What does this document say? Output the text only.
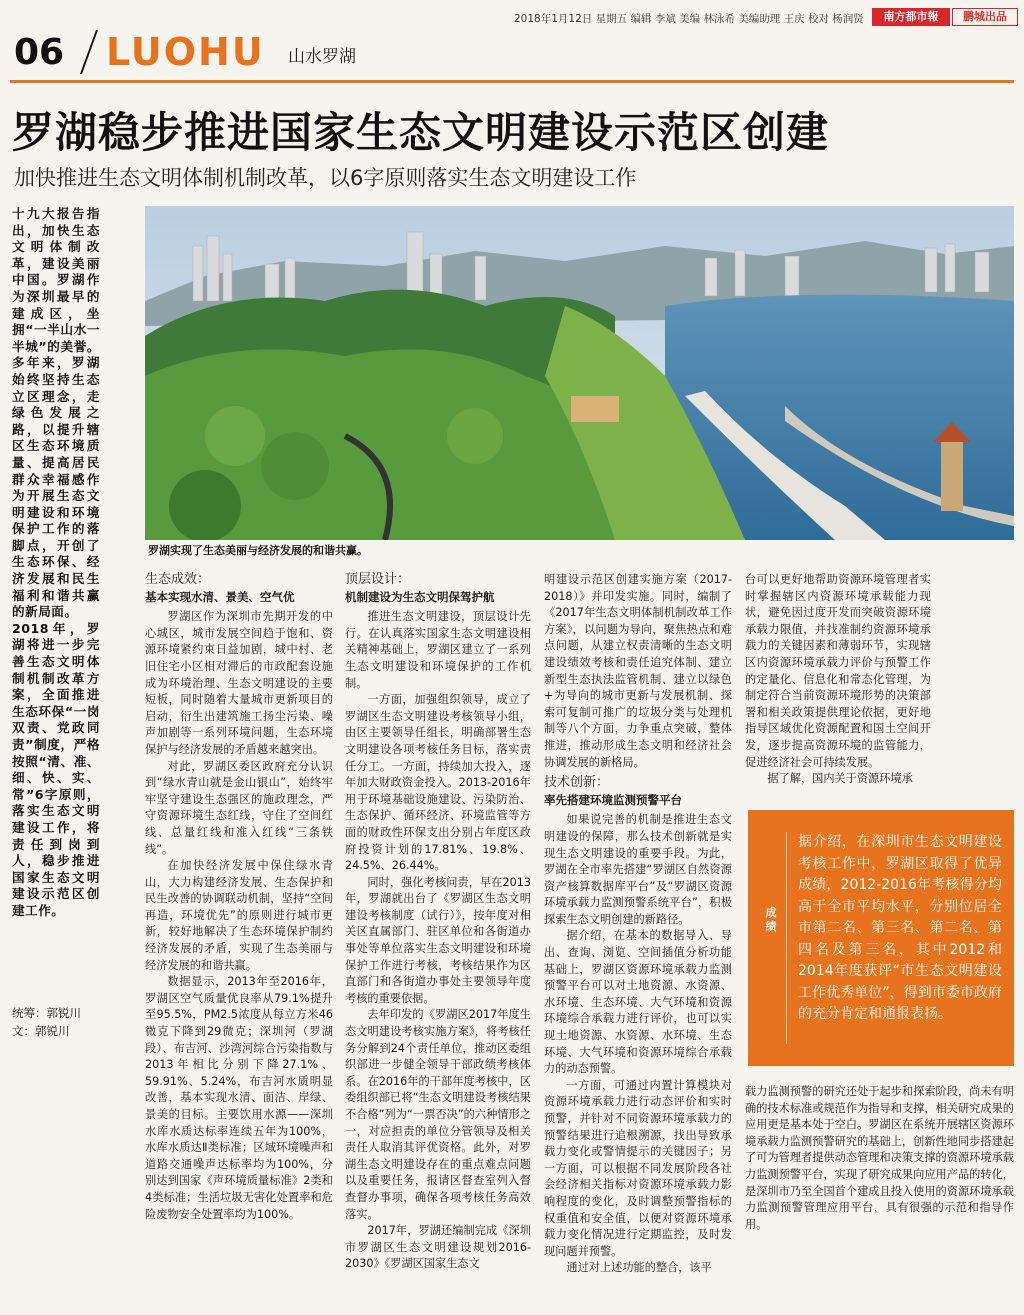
2018年1月12日 星期五 编辑 李斌 美编 林泳希 美编助理 王庆 校对 杨润贤	南方都市報	鹏城出品
06 LUOHU 山水罗湖
罗湖稳步推进国家生态文明建设示范区创建
加快推进生态文明体制机制改革，以6字原则落实生态文明建设工作

十九大报告指出，加快生态文明体制改革，建设美丽中国。罗湖作为深圳最早的建成区，坐拥“一半山水一半城”的美誉。多年来，罗湖始终坚持生态立区理念，走绿色发展之路，以提升辖区生态环境质量、提高居民群众幸福感作为开展生态文明建设和环境保护工作的落脚点，开创了生态环保、经济发展和民生福利和谐共赢的新局面。

2018年，罗湖将进一步完善生态文明体制机制改革方案，全面推进生态环保“一岗双责、党政同责”制度，严格按照“清、准、细、快、实、常”6字原则，落实生态文明建设工作，将责任到岗到人，稳步推进国家生态文明建设示范区创建工作。

统筹：郭锐川
文：郭锐川
罗湖实现了生态美丽与经济发展的和谐共赢。
生态成效：
基本实现水清、景美、空气优

罗湖区作为深圳市先期开发的中心城区，城市发展空间趋于饱和、资源环境紧约束日益加剧，城中村、老旧住宅小区相对滞后的市政配套设施成为环境治理、生态文明建设的主要短板，同时随着大量城市更新项目的启动，衍生出建筑施工扬尘污染、噪声加剧等一系列环境问题，生态环境保护与经济发展的矛盾越来越突出。

对此，罗湖区委区政府充分认识到“绿水青山就是金山银山”，始终牢牢坚守建设生态强区的施政理念，严守资源环境生态红线，守住了空间红线、总量红线和准入红线“三条铁线”。

在加快经济发展中保住绿水青山，大力构建经济发展、生态保护和民生改善的协调联动机制，坚持“空间再造，环境优先”的原则进行城市更新，较好地解决了生态环境保护制约经济发展的矛盾，实现了生态美丽与经济发展的和谐共赢。

数据显示，2013年至2016年，罗湖区空气质量优良率从79.1%提升至95.5%，PM2.5浓度从每立方米46微克下降到29微克；深圳河（罗湖段）、布吉河、沙湾河综合污染指数与2013年相比分别下降27.1%、59.91%、5.24%，布吉河水质明显改善，基本实现水清、面洁、岸绿、景美的目标。主要饮用水源——深圳水库水质达标率连续五年为100%，水库水质达Ⅱ类标准；区域环境噪声和道路交通噪声达标率均为100%，分别达到国家《声环境质量标准》2类和4类标准；生活垃圾无害化处置率和危险废物安全处置率均为100%。

顶层设计：
机制建设为生态文明保驾护航

推进生态文明建设，顶层设计先行。在认真落实国家生态文明建设相关精神基础上，罗湖区建立了一系列生态文明建设和环境保护的工作机制。

一方面，加强组织领导，成立了罗湖区生态文明建设考核领导小组，由区主要领导任组长，明确部署生态文明建设各项考核任务目标，落实责任分工。一方面，持续加大投入，逐年加大财政资金投入。2013-2016年用于环境基础设施建设、污染防治、生态保护、循环经济、环境监管等方面的财政性环保支出分别占年度区政府投资计划的17.81%、19.8%、24.5%、26.44%。

同时，强化考核问责，早在2013年，罗湖就出台了《罗湖区生态文明建设考核制度（试行）》，按年度对相关区直属部门、驻区单位和各街道办事处等单位落实生态文明建设和环境保护工作进行考核，考核结果作为区直部门和各街道办事处主要领导年度考核的重要依据。

去年印发的《罗湖区2017年度生态文明建设考核实施方案》，将考核任务分解到24个责任单位，推动区委组织部进一步健全领导干部政绩考核体系。在2016年的干部年度考核中，区委组织部已将“生态文明建设考核结果不合格”列为“一票否决”的六种情形之一，对应担责的单位分管领导及相关责任人取消其评优资格。此外，对罗湖生态文明建设存在的重点难点问题以及重要任务，报请区督查室列入督查督办事项，确保各项考核任务高效落实。

2017年，罗湖还编制完成《深圳市罗湖区生态文明建设规划2016-2030》《罗湖区国家生态文

明建设示范区创建实施方案（2017-2018）》并印发实施。同时，编制了《2017年生态文明体制机制改革工作方案》，以问题为导向，聚焦热点和难点问题，从建立权责清晰的生态文明建设绩效考核和责任追究体制、建立新型生态执法监管机制、建立以绿色+为导向的城市更新与发展机制、探索可复制可推广的垃圾分类与处理机制等八个方面，力争重点突破，整体推进，推动形成生态文明和经济社会协调发展的新格局。

技术创新：
率先搭建环境监测预警平台

如果说完善的机制是推进生态文明建设的保障，那么技术创新就是实现生态文明建设的重要手段。为此，罗湖在全市率先搭建“罗湖区自然资源资产核算数据库平台”及“罗湖区资源环境承载力监测预警系统平台”，积极探索生态文明创建的新路径。

据介绍，在基本的数据导入、导出、查询、浏览、空间插值分析功能基础上，罗湖区资源环境承载力监测预警平台可以对土地资源、水资源、水环境、生态环境、大气环境和资源环境综合承载力进行评价，也可以实现土地资源、水资源、水环境、生态环境、大气环境和资源环境综合承载力的动态预警。

一方面，可通过内置计算模块对资源环境承载力进行动态评价和实时预警，并针对不同资源环境承载力的预警结果进行追根溯源，找出导致承载力变化或警情提示的关键因子；另一方面，可以根据不同发展阶段各社会经济相关指标对资源环境承载力影响程度的变化，及时调整预警指标的权重值和安全值，以便对资源环境承载力变化情况进行定期监控，及时发现问题并预警。

通过对上述功能的整合，该平

台可以更好地帮助资源环境管理者实时掌握辖区内资源环境承载能力现状，避免因过度开发而突破资源环境承载力限值，并找准制约资源环境承载力的关键因素和薄弱环节，实现辖区内资源环境承载力评价与预警工作的定量化、信息化和常态化管理，为制定符合当前资源环境形势的决策部署和相关政策提供理论依据，更好地指导区域优化资源配置和国土空间开发，逐步提高资源环境的监管能力，促进经济社会可持续发展。

据了解，国内关于资源环境承

成绩
据介绍，在深圳市生态文明建设考核工作中，罗湖区取得了优异成绩，2012-2016年考核得分均高于全市平均水平，分别位居全市第二名、第三名、第二名、第四名及第三名，其中2012和2014年度获评“市生态文明建设工作优秀单位”，得到市委市政府的充分肯定和通报表扬。

载力监测预警的研究还处于起步和探索阶段，尚未有明确的技术标准或规范作为指导和支撑，相关研究成果的应用更是基本处于空白。罗湖区在系统开展辖区资源环境承载力监测预警研究的基础上，创新性地同步搭建起了可为管理者提供动态管理和决策支撑的资源环境承载力监测预警平台，实现了研究成果向应用产品的转化，是深圳市乃至全国首个建成且投入使用的资源环境承载力监测预警管理应用平台，具有很强的示范和指导作用。
